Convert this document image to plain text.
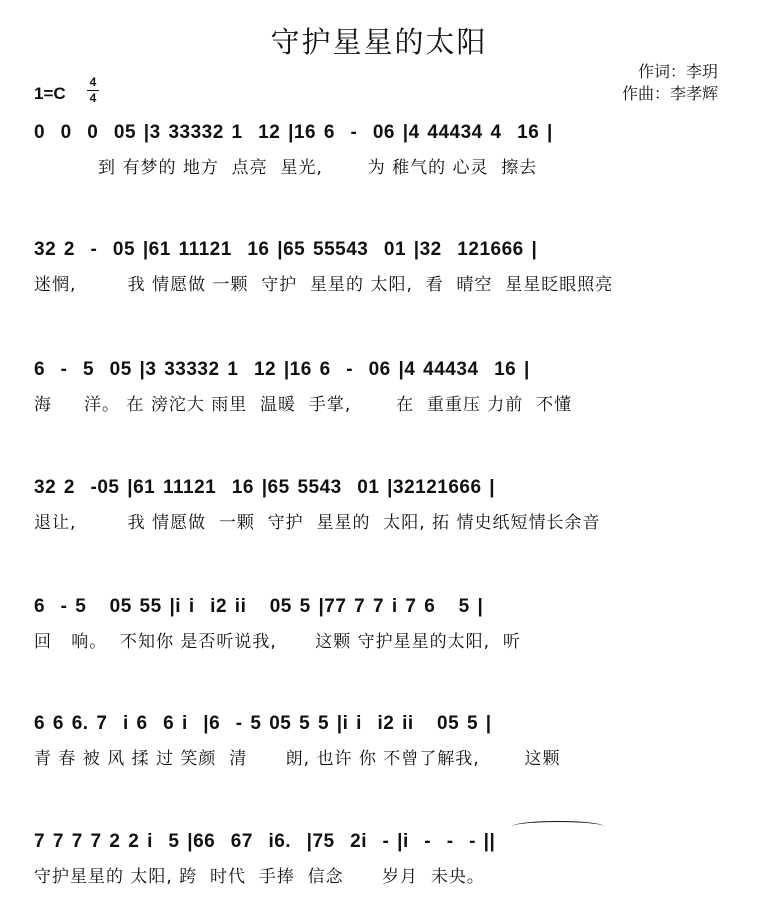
守护星星的太阳
作词：李玥
作曲：李孝辉
1=C
4
4
0  0  0  05 |3 33332 1  12 |16 6  -  06 |4 44434 4  16 |
到 有梦的 地方  点亮  星光,       为 稚气的 心灵  擦去
32 2  -  05 |61 11121  16 |65 55543  01 |32  121666 |
迷惘,        我 情愿做 一颗  守护  星星的 太阳,  看  晴空  星星眨眼照亮
6  -  5  05 |3 33332 1  12 |16 6  -  06 |4 44434  16 |
海     洋。 在 滂沱大 雨里  温暖  手掌,       在  重重压 力前  不懂
32 2  -05 |61 11121  16 |65 5543  01 |32121666 |
退让,        我 情愿做  一颗  守护  星星的  太阳, 拓 情史纸短情长余音
6  - 5   05 55 |i i  i2 ii   05 5 |77 7 7 i 7 6   5 |
回   响。  不知你 是否听说我,      这颗 守护星星的太阳,  听
6 6 6. 7  i 6  6 i  |6  - 5 05 5 5 |i i  i2 ii   05 5 |
青 春 被 风 揉 过 笑颜  清      朗, 也许 你 不曾了解我,       这颗
7 7 7 7 2 2 i  5 |66  67  i6.  |75  2i  - |i  -  -  - ||
守护星星的 太阳, 跨  时代  手捧  信念      岁月  未央。
